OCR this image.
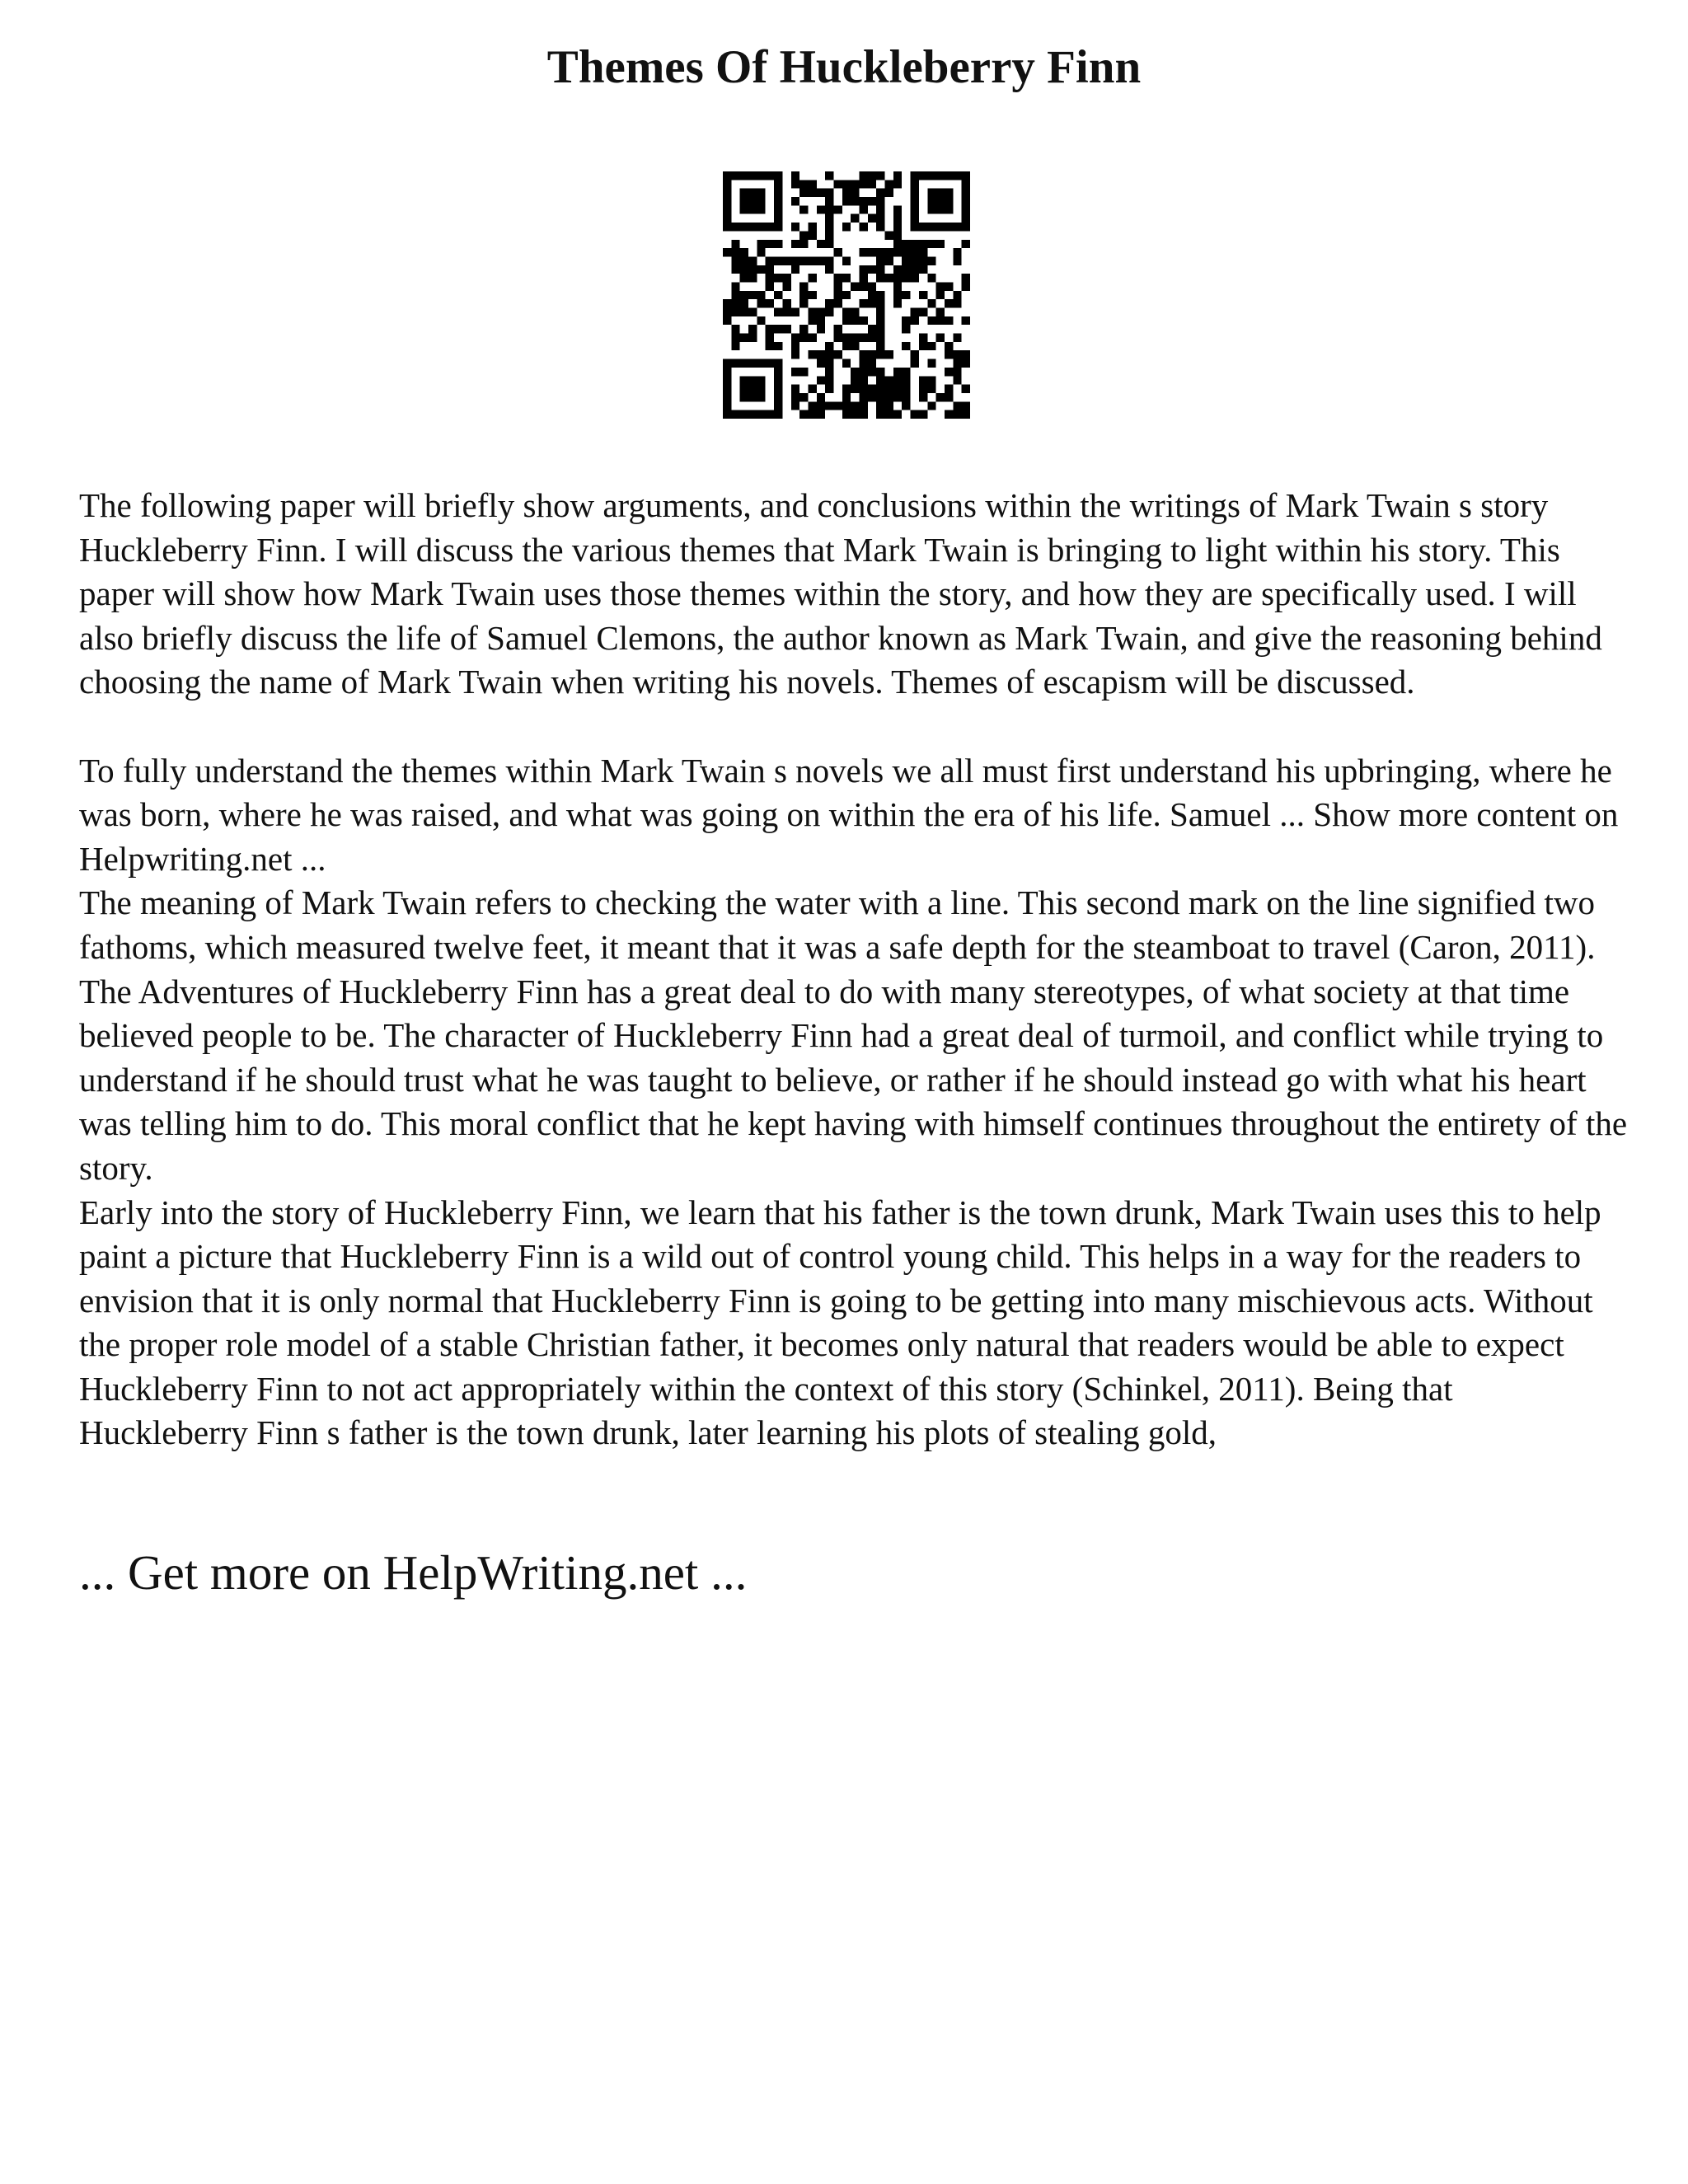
Themes Of Huckleberry Finn

The following paper will briefly show arguments, and conclusions within the writings of Mark Twain s story Huckleberry Finn. I will discuss the various themes that Mark Twain is bringing to light within his story. This paper will show how Mark Twain uses those themes within the story, and how they are specifically used. I will also briefly discuss the life of Samuel Clemons, the author known as Mark Twain, and give the reasoning behind choosing the name of Mark Twain when writing his novels. Themes of escapism will be discussed.

To fully understand the themes within Mark Twain s novels we all must first understand his upbringing, where he was born, where he was raised, and what was going on within the era of his life. Samuel ... Show more content on Helpwriting.net ...

The meaning of Mark Twain refers to checking the water with a line. This second mark on the line signified two fathoms, which measured twelve feet, it meant that it was a safe depth for the steamboat to travel (Caron, 2011). The Adventures of Huckleberry Finn has a great deal to do with many stereotypes, of what society at that time believed people to be. The character of Huckleberry Finn had a great deal of turmoil, and conflict while trying to understand if he should trust what he was taught to believe, or rather if he should instead go with what his heart was telling him to do. This moral conflict that he kept having with himself continues throughout the entirety of the story.

Early into the story of Huckleberry Finn, we learn that his father is the town drunk, Mark Twain uses this to help paint a picture that Huckleberry Finn is a wild out of control young child. This helps in a way for the readers to envision that it is only normal that Huckleberry Finn is going to be getting into many mischievous acts. Without the proper role model of a stable Christian father, it becomes only natural that readers would be able to expect Huckleberry Finn to not act appropriately within the context of this story (Schinkel, 2011). Being that Huckleberry Finn s father is the town drunk, later learning his plots of stealing gold,

... Get more on HelpWriting.net ...
